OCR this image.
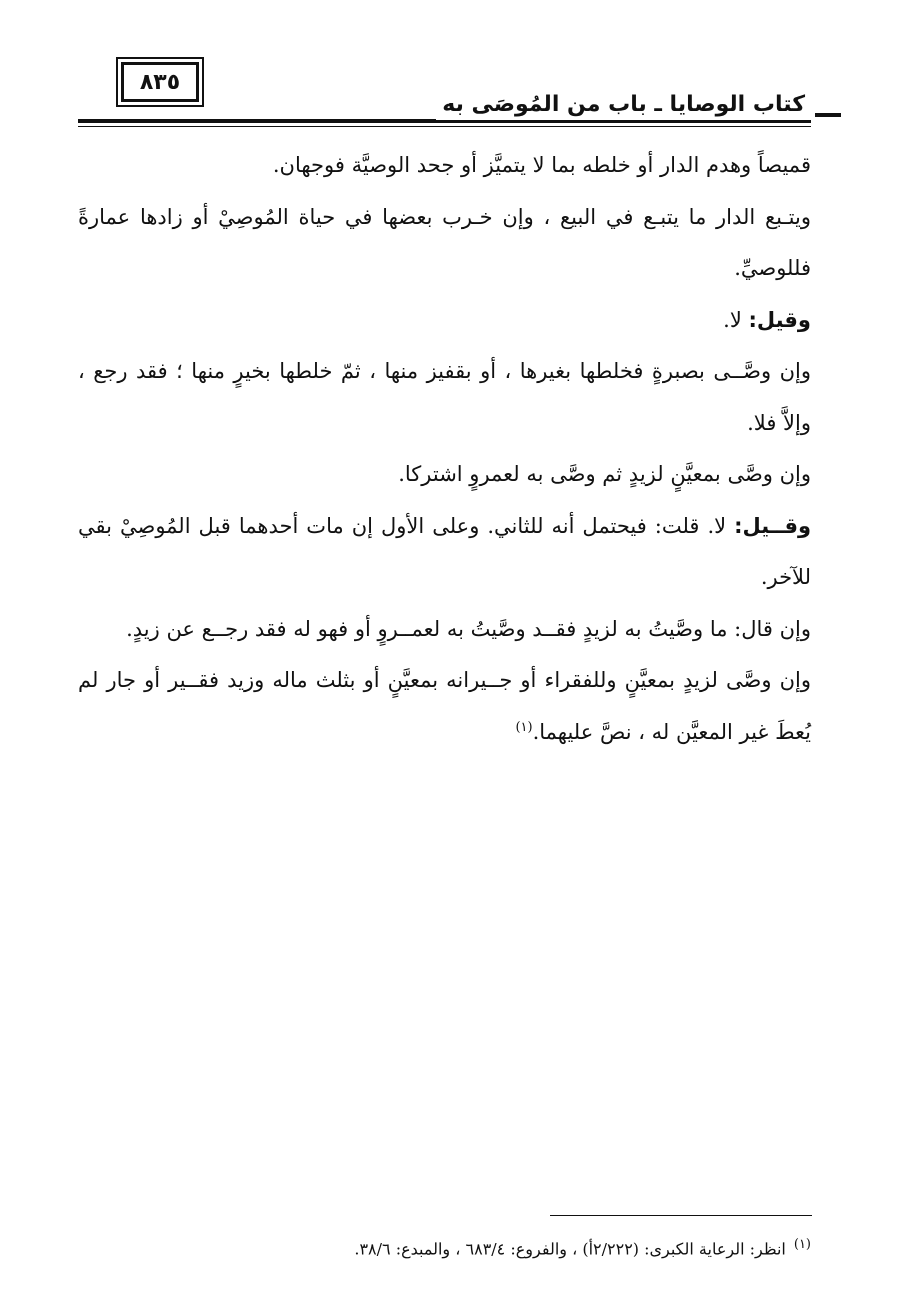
٨٣٥
كتاب الوصايا ـ باب من المُوصَى به

قميصاً وهدم الدار أو خلطه بما لا يتميَّز أو جحد الوصيَّة فوجهان.

ويتـبع الدار ما يتبـع في البيع ، وإن خـرب بعضها في حياة المُوصِيْ أو زادها عمارةً فللوصيِّ.

وقيل: لا.

وإن وصَّــى بصبرةٍ فخلطها بغيرها ، أو بقفيز منها ، ثمّ خلطها بخيرٍ منها ؛ فقد رجع ، وإلاَّ فلا.

وإن وصَّى بمعيَّنٍ لزيدٍ ثم وصَّى به لعمروٍ اشتركا.

وقــيل: لا. قلت: فيحتمل أنه للثاني. وعلى الأول إن مات أحدهما قبل المُوصِيْ بقي للآخر.

وإن قال: ما وصَّيتُ به لزيدٍ فقــد وصَّيتُ به لعمــروٍ أو فهو له فقد رجــع عن زيدٍ.

وإن وصَّى لزيدٍ بمعيَّنٍ وللفقراء أو جــيرانه بمعيَّنٍ أو بثلث ماله وزيد فقــير أو جار لم يُعطَ غير المعيَّن له ، نصَّ عليهما.$^{(١)}$

$^{(١)}$انظر: الرعاية الكبرى: (٢/٢٢٢أ) ، والفروع: ٦٨٣/٤ ، والمبدع: ٣٨/٦.
